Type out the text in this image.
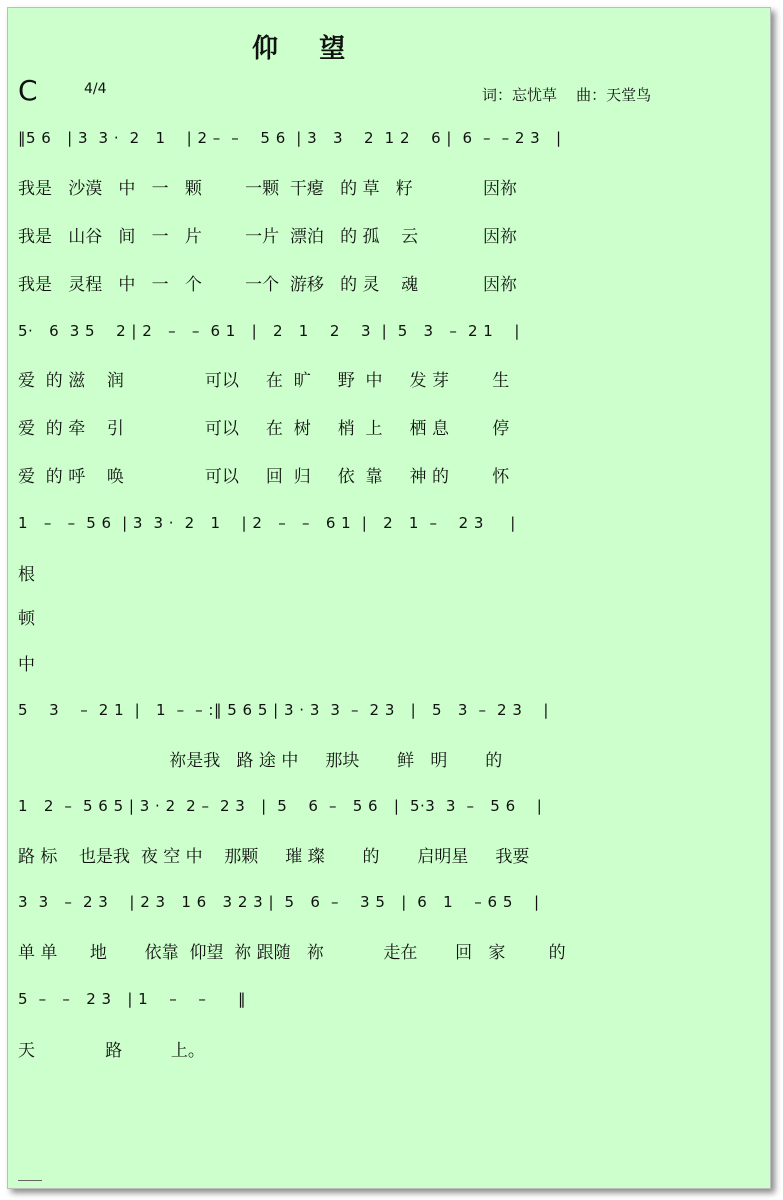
仰    望
C	4/4	词：忘忧草    曲：天堂鸟
‖5 6   | 3  3 ·  2   1    | 2 –  –    5 6  | 3   3    2  1 2    6 |  6  –  – 2 3   |
我是   沙漠   中   一   颗        一颗  干瘪   的 草   籽             因祢
我是   山谷   间   一   片        一片  漂泊   的 孤    云            因祢
我是   灵程   中   一   个        一个  游移   的 灵    魂            因祢
5·   6  3 5    2 | 2   –   –  6 1   |   2   1    2    3  |  5   3   –  2 1    |
爱  的 滋    润               可以     在  旷     野  中     发 芽        生
爱  的 牵    引               可以     在  树     梢  上     栖 息        停
爱  的 呼    唤               可以     回  归     依  靠     神 的        怀
1   –   –  5 6  | 3  3 ·  2   1    | 2   –   –   6 1  |   2   1  –    2 3     |
根
顿
中
5    3    –  2 1  |   1  –  – :‖ 5 6 5 | 3 · 3  3  –  2 3   |   5   3  –  2 3    |
祢是我   路 途 中     那块       鲜   明       的
1   2  –  5 6 5 | 3 · 2  2 –  2 3   |  5    6  –   5 6   |  5·3  3  –   5 6    |
路 标    也是我  夜 空 中    那颗     璀 璨       的       启明星     我要
3  3   –  2 3    | 2 3   1 6   3 2 3 |  5   6  –    3 5   |  6   1    – 6 5    |
单 单      地       依靠  仰望  祢 跟随   祢           走在       回   家        的
5  –   –   2 3   | 1    –    –      ‖
天             路         上。
